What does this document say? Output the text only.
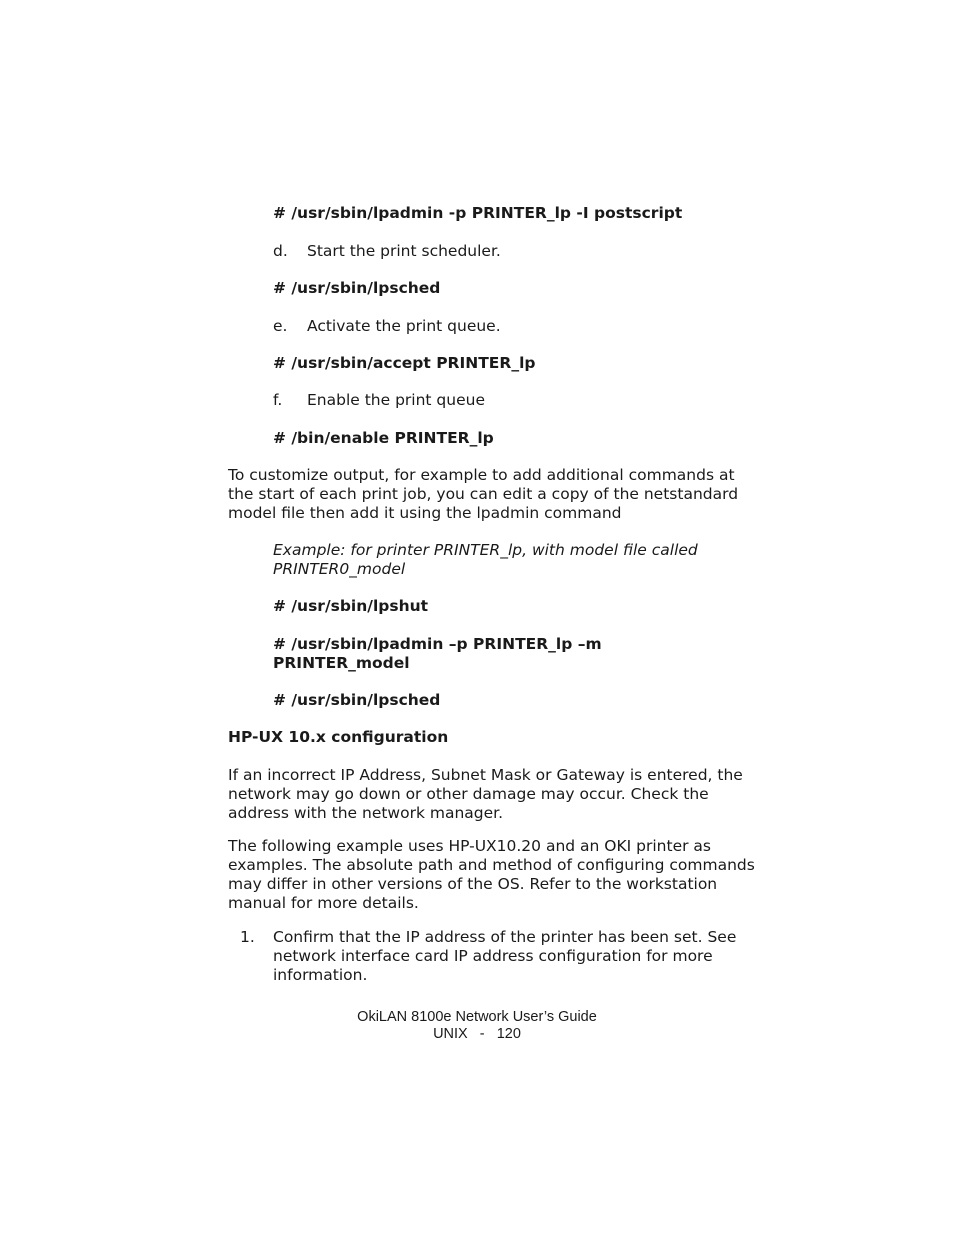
# /usr/sbin/lpadmin -p PRINTER_lp -I postscript

d. Start the print scheduler.

# /usr/sbin/lpsched

e. Activate the print queue.

# /usr/sbin/accept PRINTER_lp

f. Enable the print queue

# /bin/enable PRINTER_lp

To customize output, for example to add additional commands at
the start of each print job, you can edit a copy of the netstandard
model file then add it using the lpadmin command

Example: for printer PRINTER_lp, with model file called
PRINTER0_model

# /usr/sbin/lpshut

# /usr/sbin/lpadmin –p PRINTER_lp –m
PRINTER_model

# /usr/sbin/lpsched

HP-UX 10.x configuration

If an incorrect IP Address, Subnet Mask or Gateway is entered, the
network may go down or other damage may occur. Check the
address with the network manager.

The following example uses HP-UX10.20 and an OKI printer as
examples. The absolute path and method of configuring commands
may differ in other versions of the OS. Refer to the workstation
manual for more details.

1. Confirm that the IP address of the printer has been set. See
network interface card IP address configuration for more
information.
OkiLAN 8100e Network User’s Guide
UNIX   -   120
